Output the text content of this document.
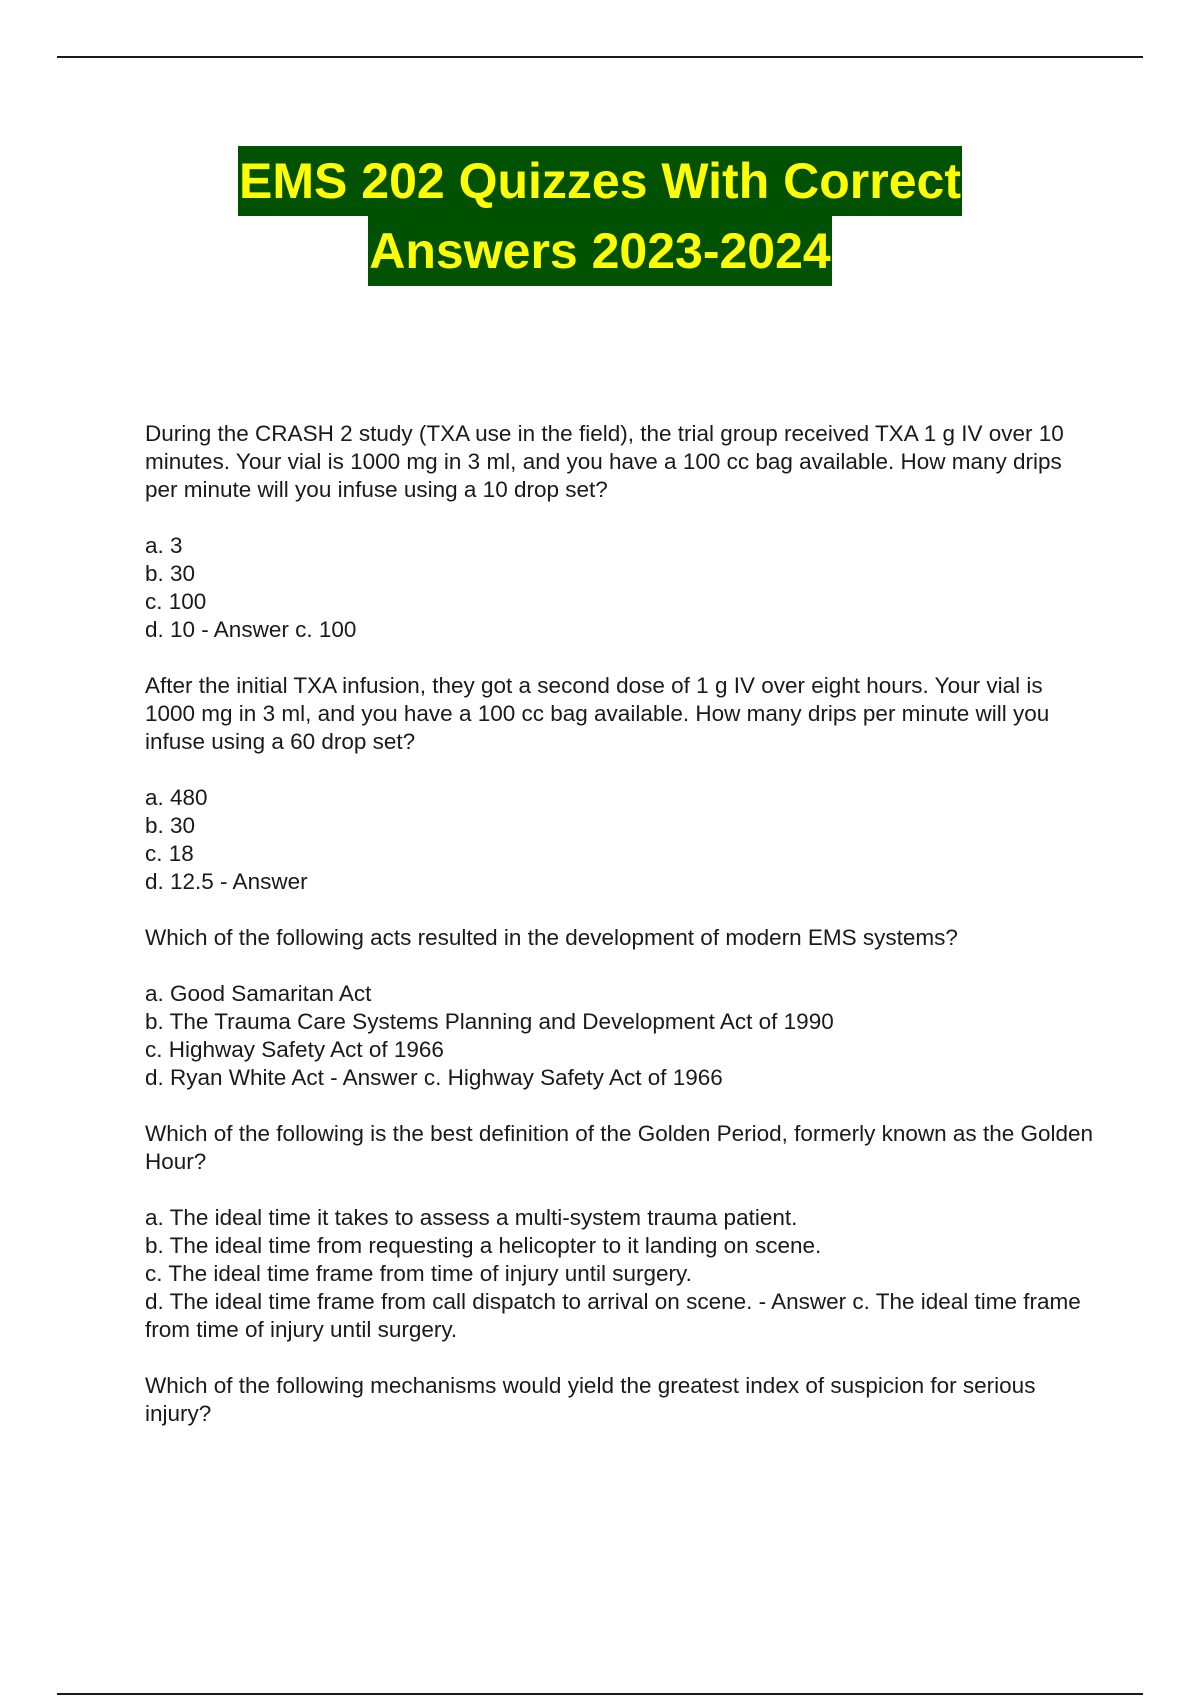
EMS 202 Quizzes With Correct
Answers 2023-2024

During the CRASH 2 study (TXA use in the field), the trial group received TXA 1 g IV over 10 minutes. Your vial is 1000 mg in 3 ml, and you have a 100 cc bag available. How many drips per minute will you infuse using a 10 drop set?

a. 3
b. 30
c. 100
d. 10 - Answer c. 100

After the initial TXA infusion, they got a second dose of 1 g IV over eight hours. Your vial is 1000 mg in 3 ml, and you have a 100 cc bag available. How many drips per minute will you infuse using a 60 drop set?

a. 480
b. 30
c. 18
d. 12.5 - Answer

Which of the following acts resulted in the development of modern EMS systems?

a. Good Samaritan Act
b. The Trauma Care Systems Planning and Development Act of 1990
c. Highway Safety Act of 1966
d. Ryan White Act - Answer c. Highway Safety Act of 1966

Which of the following is the best definition of the Golden Period, formerly known as the Golden Hour?

a. The ideal time it takes to assess a multi-system trauma patient.
b. The ideal time from requesting a helicopter to it landing on scene.
c. The ideal time frame from time of injury until surgery.
d. The ideal time frame from call dispatch to arrival on scene. - Answer c. The ideal time frame from time of injury until surgery.

Which of the following mechanisms would yield the greatest index of suspicion for serious injury?
